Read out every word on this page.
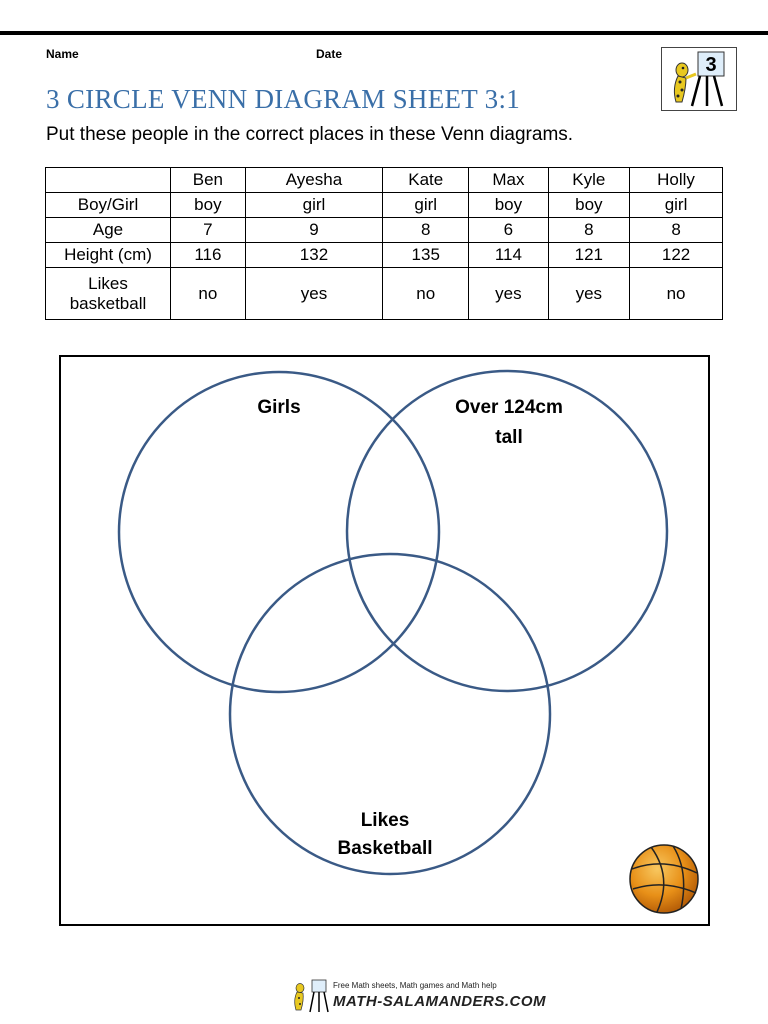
Name	Date
3 CIRCLE VENN DIAGRAM SHEET 3:1
Put these people in the correct places in these Venn diagrams.
3
	Ben	Ayesha	Kate	Max	Kyle	Holly
Boy/Girl	boy	girl	girl	boy	boy	girl
Age	7	9	8	6	8	8
Height (cm)	116	132	135	114	121	122
Likes
basketball	no	yes	no	yes	yes	no
Girls	Over 124cm
tall
Likes
Basketball
Free Math sheets, Math games and Math help
MATH-SALAMANDERS.COM
